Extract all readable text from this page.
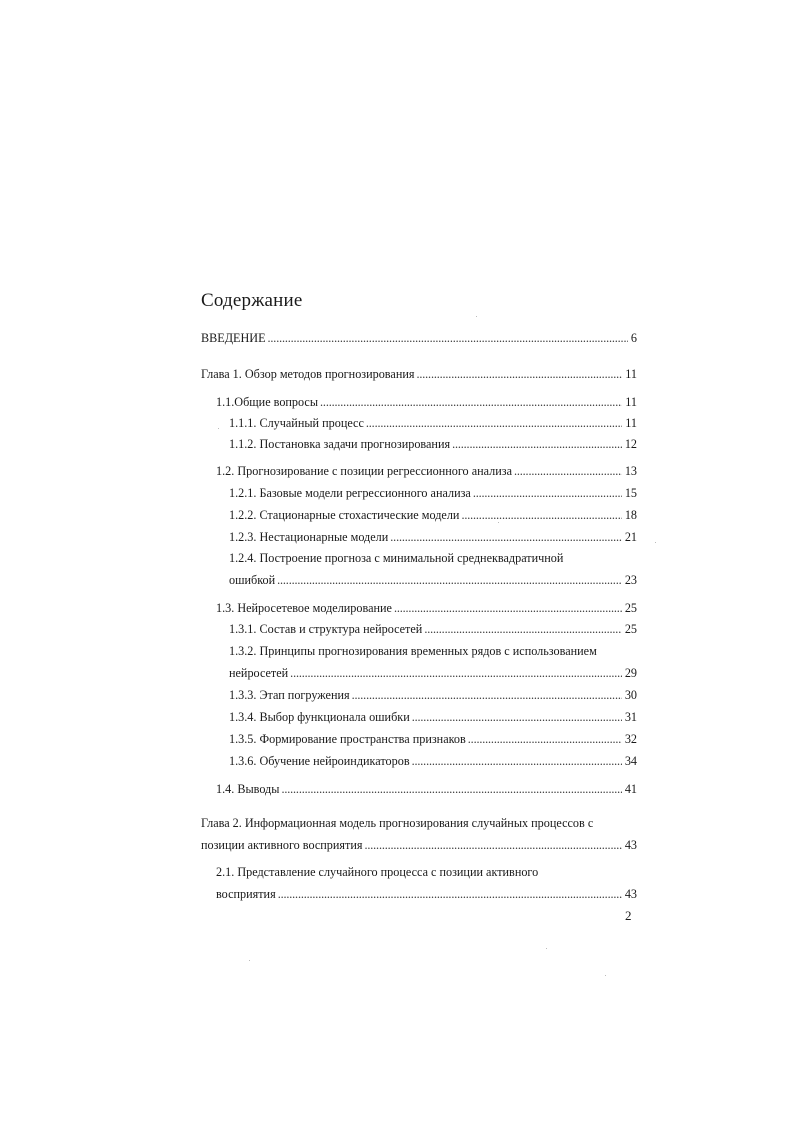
Содержание
ВВЕДЕНИЕ . . .	6
Глава 1. Обзор методов прогнозирования . . .	11
1.1.Общие вопросы . . .	11
1.1.1. Случайный процесс . . .	11
1.1.2. Постановка задачи прогнозирования . . .	12
1.2. Прогнозирование с позиции регрессионного анализа . . .	13
1.2.1. Базовые модели регрессионного анализа . . .	15
1.2.2. Стационарные стохастические модели . . .	18
1.2.3. Нестационарные модели . . .	21
1.2.4. Построение прогноза с минимальной среднеквадратичной
ошибкой . . .	23
1.3. Нейросетевое моделирование . . .	25
1.3.1. Состав и структура нейросетей . . .	25
1.3.2. Принципы прогнозирования временных рядов с использованием
нейросетей . . .	29
1.3.3. Этап погружения . . .	30
1.3.4. Выбор функционала ошибки . . .	31
1.3.5. Формирование пространства признаков . . .	32
1.3.6. Обучение нейроиндикаторов . . .	34
1.4. Выводы . . .	41
Глава 2. Информационная модель прогнозирования случайных процессов с
позиции активного восприятия . . .	43
2.1. Представление случайного процесса с позиции активного
восприятия . . .	43
2
